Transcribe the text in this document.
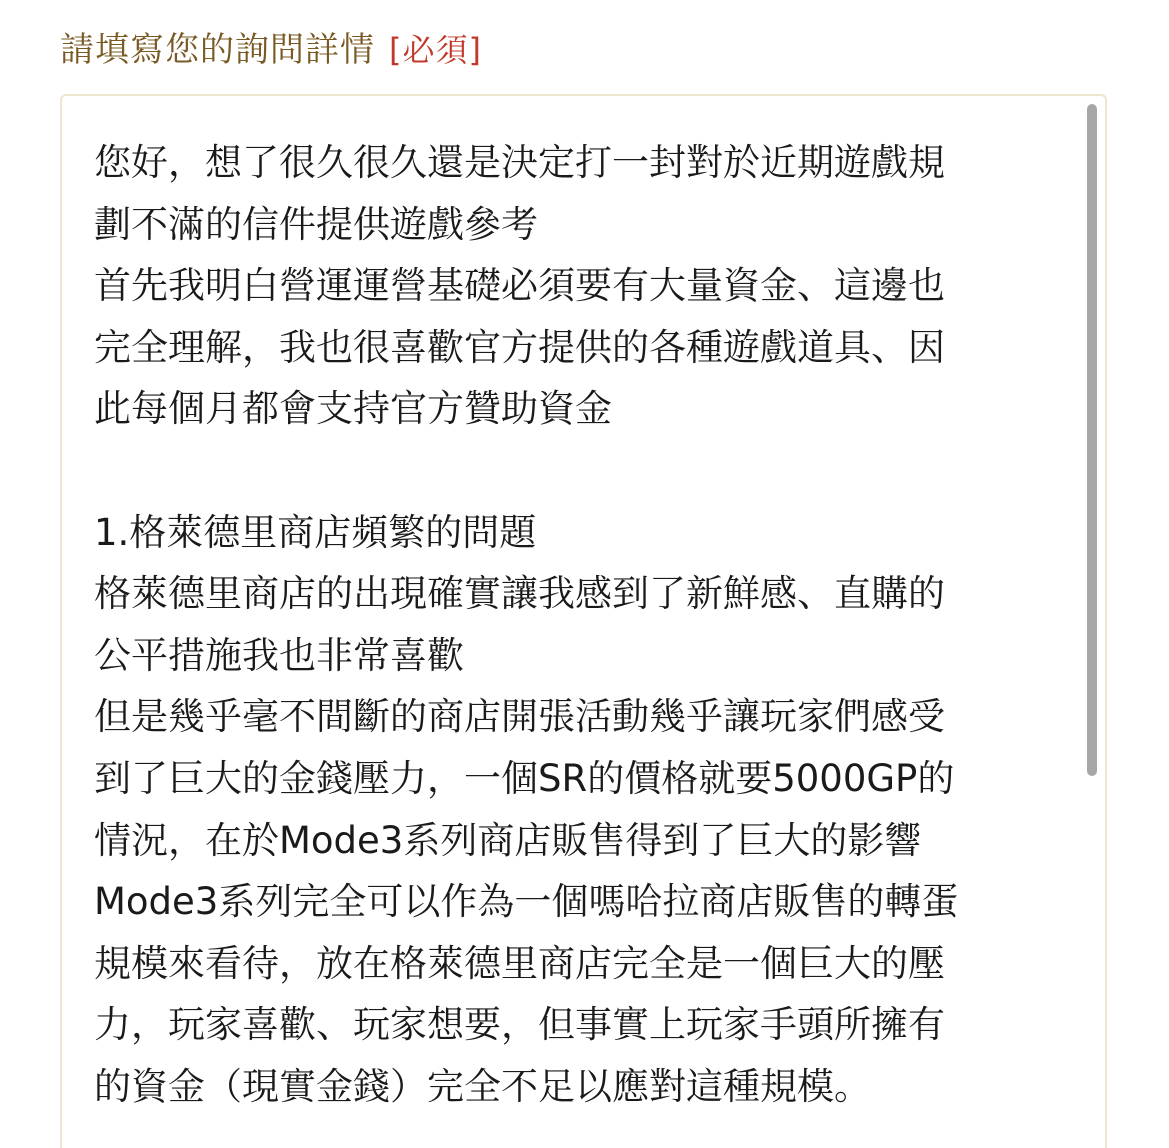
請填寫您的詢問詳情 [必須]
您好，想了很久很久還是決定打一封對於近期遊戲規
劃不滿的信件提供遊戲參考
首先我明白營運運營基礎必須要有大量資金、這邊也
完全理解，我也很喜歡官方提供的各種遊戲道具、因
此每個月都會支持官方贊助資金
1.格萊德里商店頻繁的問題
格萊德里商店的出現確實讓我感到了新鮮感、直購的
公平措施我也非常喜歡
但是幾乎毫不間斷的商店開張活動幾乎讓玩家們感受
到了巨大的金錢壓力，一個SR的價格就要5000GP的
情況，在於Mode3系列商店販售得到了巨大的影響
Mode3系列完全可以作為一個嗎哈拉商店販售的轉蛋
規模來看待，放在格萊德里商店完全是一個巨大的壓
力，玩家喜歡、玩家想要，但事實上玩家手頭所擁有
的資金（現實金錢）完全不足以應對這種規模。
